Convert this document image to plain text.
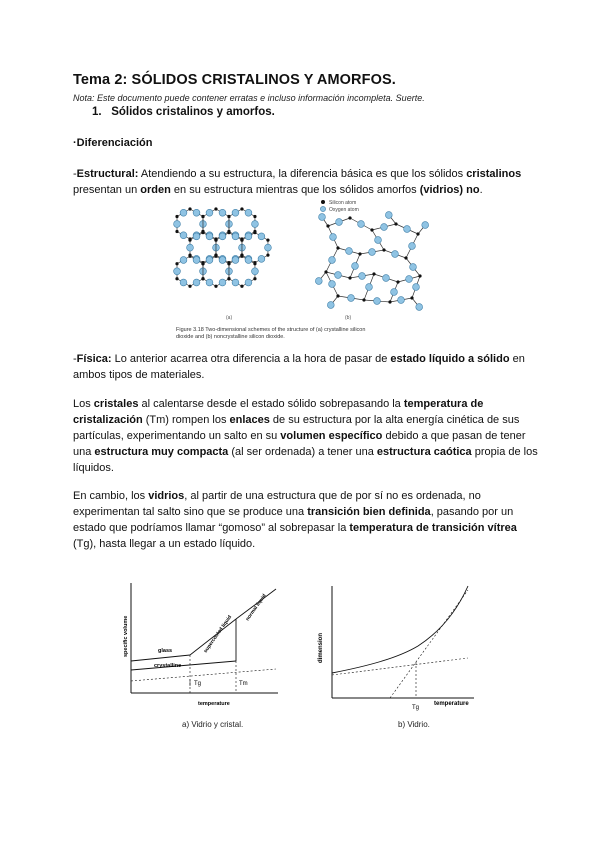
Tema 2: SÓLIDOS CRISTALINOS Y AMORFOS.
Nota: Este documento puede contener erratas e incluso información incompleta. Suerte.
1. Sólidos cristalinos y amorfos.
·Diferenciación
-Estructural: Atendiendo a su estructura, la diferencia básica es que los sólidos cristalinos presentan un orden en su estructura mientras que los sólidos amorfos (vidrios) no.
Silicon atom
Oxygen atom
(a)	(b)
Figure 3.18 Two-dimensional schemes of the structure of (a) crystalline silicon
dioxide and (b) noncrystalline silicon dioxide.
-Física: Lo anterior acarrea otra diferencia a la hora de pasar de estado líquido a sólido en ambos tipos de materiales.
Los cristales al calentarse desde el estado sólido sobrepasando la temperatura de cristalización (Tm) rompen los enlaces de su estructura por la alta energía cinética de sus partículas, experimentando un salto en su volumen específico debido a que pasan de tener una estructura muy compacta (al ser ordenada) a tener una estructura caótica propia de los líquidos.
En cambio, los vidrios, al partir de una estructura que de por sí no es ordenada, no experimentan tal salto sino que se produce una transición bien definida, pasando por un estado que podríamos llamar “gomoso” al sobrepasar la temperatura de transición vítrea (Tg), hasta llegar a un estado líquido.
specific volume
temperature
glass	supercooled liquid
normal liquid
crystalline
Tg	Tm
a) Vidrio y cristal.
dimension
Tg
temperature
b) Vidrio.
